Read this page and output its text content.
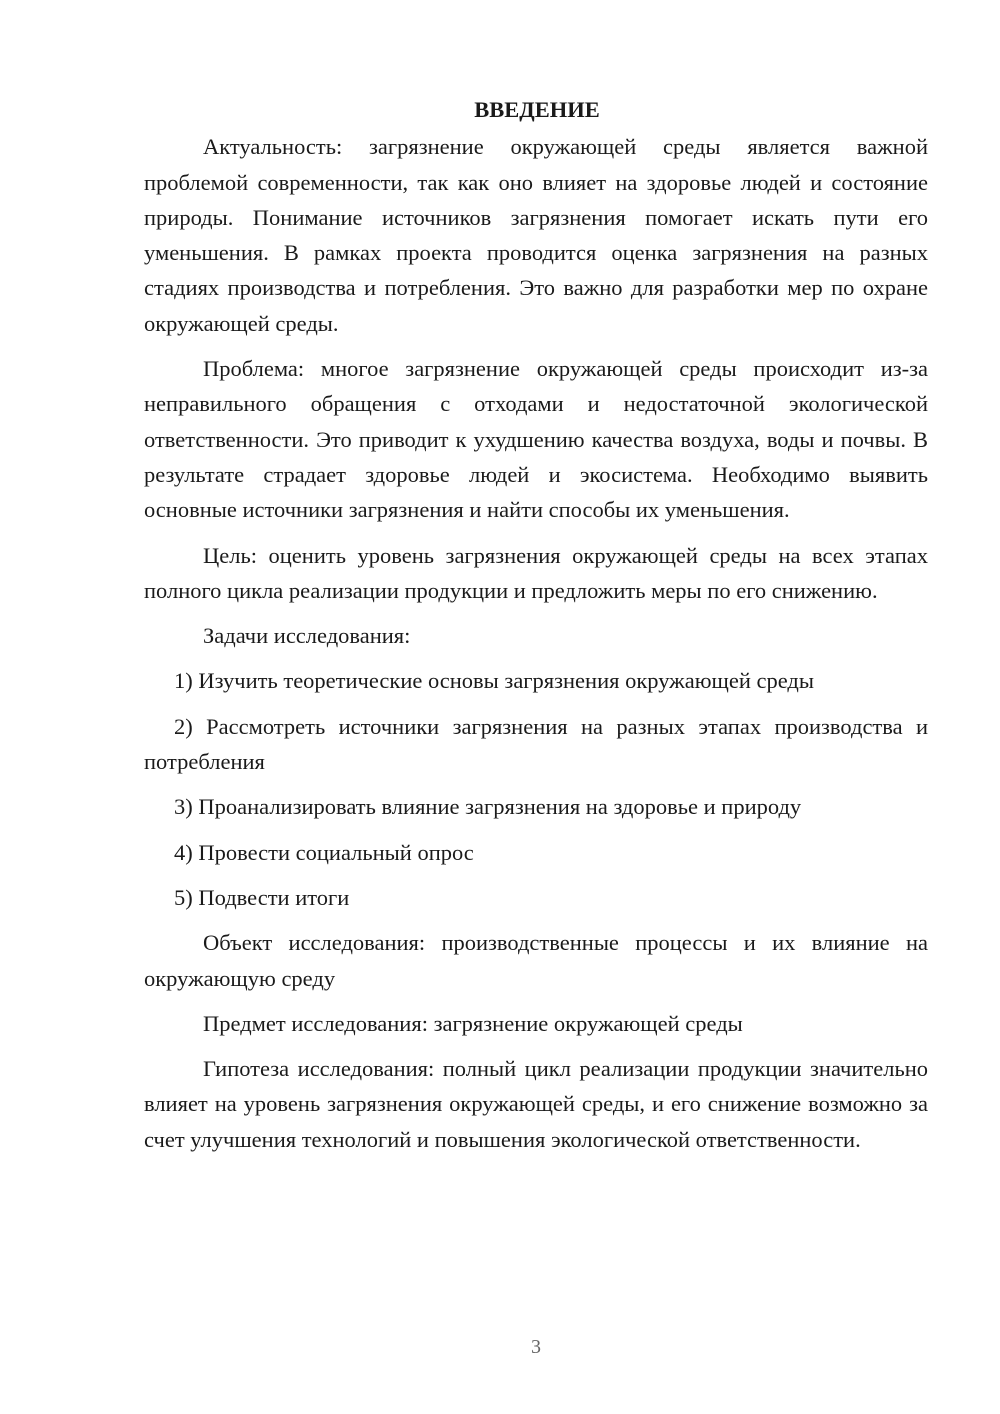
ВВЕДЕНИЕ

Актуальность: загрязнение окружающей среды является важной проблемой современности, так как оно влияет на здоровье людей и состояние природы. Понимание источников загрязнения помогает искать пути его уменьшения. В рамках проекта проводится оценка загрязнения на разных стадиях производства и потребления. Это важно для разработки мер по охране окружающей среды.

Проблема: многое загрязнение окружающей среды происходит из-за неправильного обращения с отходами и недостаточной экологической ответственности. Это приводит к ухудшению качества воздуха, воды и почвы. В результате страдает здоровье людей и экосистема. Необходимо выявить основные источники загрязнения и найти способы их уменьшения.

Цель: оценить уровень загрязнения окружающей среды на всех этапах полного цикла реализации продукции и предложить меры по его снижению.

Задачи исследования:

1) Изучить теоретические основы загрязнения окружающей среды

2) Рассмотреть источники загрязнения на разных этапах производства и потребления

3) Проанализировать влияние загрязнения на здоровье и природу

4) Провести социальный опрос

5) Подвести итоги

Объект исследования: производственные процессы и их влияние на окружающую среду

Предмет исследования: загрязнение окружающей среды

Гипотеза исследования: полный цикл реализации продукции значительно влияет на уровень загрязнения окружающей среды, и его снижение возможно за счет улучшения технологий и повышения экологической ответственности.

3
